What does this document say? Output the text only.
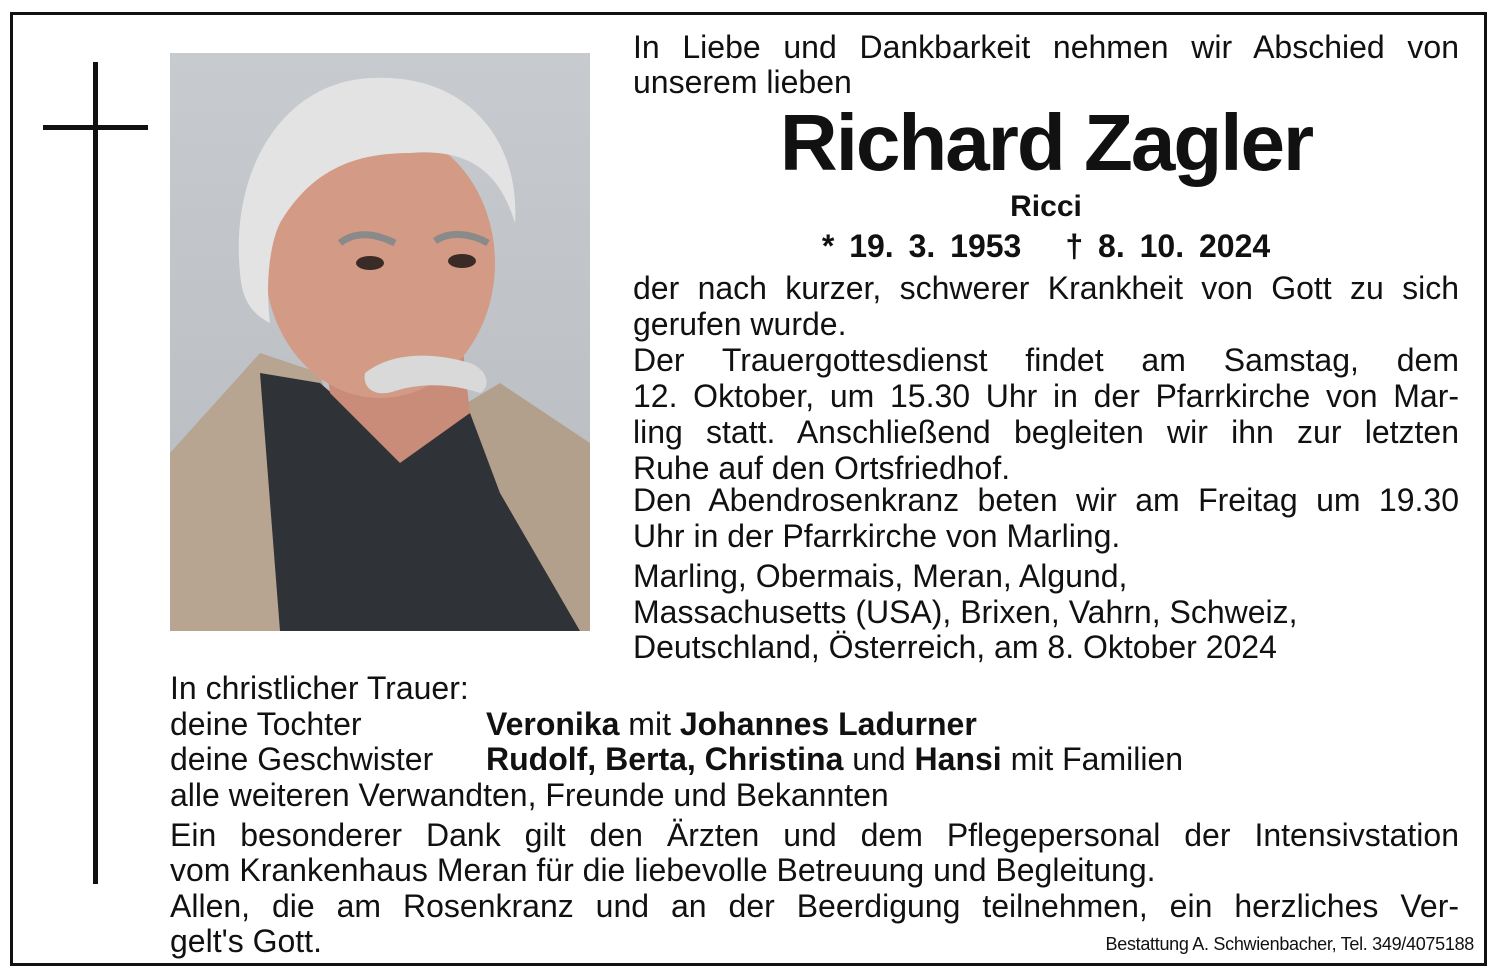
In Liebe und Dankbarkeit nehmen wir Abschied von
unserem lieben
Richard Zagler
Ricci
* 19. 3. 1953 † 8. 10. 2024
der nach kurzer, schwerer Krankheit von Gott zu sich
gerufen wurde.
Der Trauergottesdienst findet am Samstag, dem
12. Oktober, um 15.30 Uhr in der Pfarrkirche von Mar-
ling statt. Anschließend begleiten wir ihn zur letzten
Ruhe auf den Ortsfriedhof.
Den Abendrosenkranz beten wir am Freitag um 19.30
Uhr in der Pfarrkirche von Marling.
Marling, Obermais, Meran, Algund,
Massachusetts (USA), Brixen, Vahrn, Schweiz,
Deutschland, Österreich, am 8. Oktober 2024
In christlicher Trauer:
deine Tochter	Veronika mit Johannes Ladurner
deine Geschwister Rudolf, Berta, Christina und Hansi mit Familien
alle weiteren Verwandten, Freunde und Bekannten
Ein besonderer Dank gilt den Ärzten und dem Pflegepersonal der Intensivstation
vom Krankenhaus Meran für die liebevolle Betreuung und Begleitung.
Allen, die am Rosenkranz und an der Beerdigung teilnehmen, ein herzliches Ver-
gelt's Gott.	Bestattung A. Schwienbacher, Tel. 349/4075188
